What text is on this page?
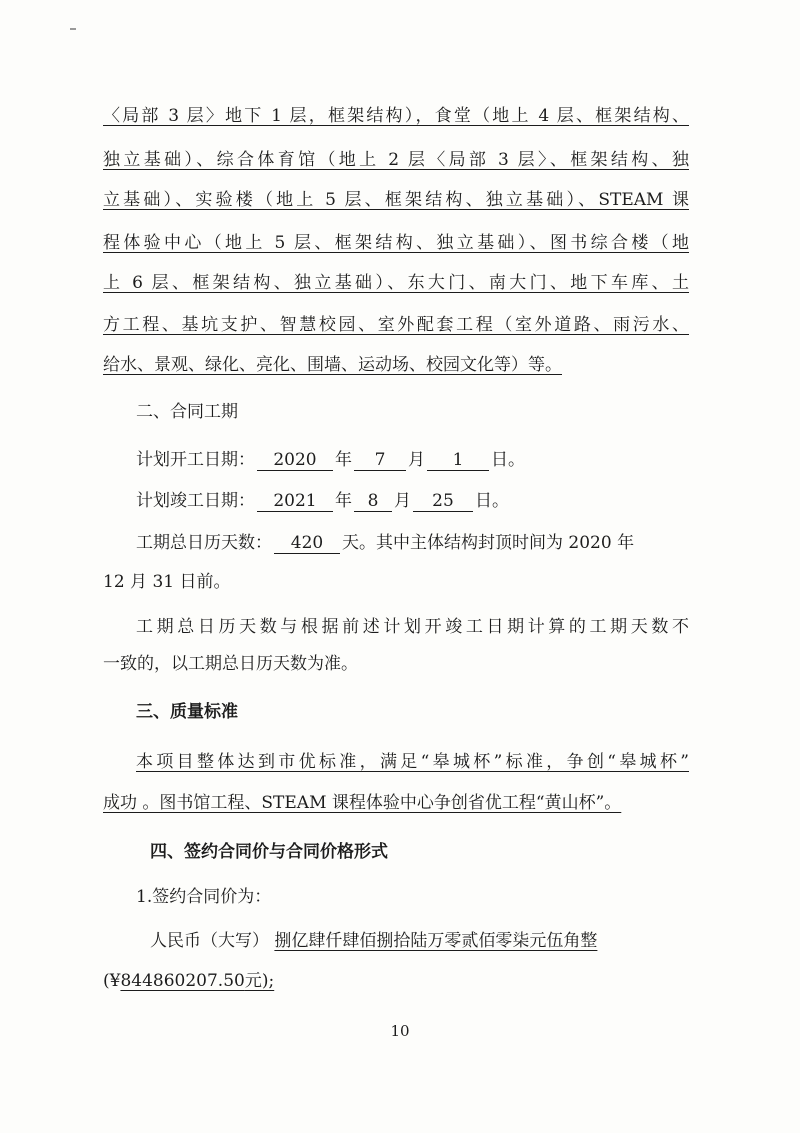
〈局部 3 层〉地下 1 层，框架结构），食堂（地上 4 层、框架结构、
独立基础）、综合体育馆（地上 2 层〈局部 3 层〉、框架结构、独
立基础）、实验楼（地上 5 层、框架结构、独立基础）、STEAM 课
程体验中心（地上 5 层、框架结构、独立基础）、图书综合楼（地
上 6 层、框架结构、独立基础）、东大门、南大门、地下车库、土
方工程、基坑支护、智慧校园、室外配套工程（室外道路、雨污水、
给水、景观、绿化、亮化、围墙、运动场、校园文化等）等。
二、合同工期
计划开工日期： 2020 年 7 月 1 日。
计划竣工日期： 2021 年 8 月 25 日。
工期总日历天数： 420 天。其中主体结构封顶时间为 2020 年
12 月 31 日前。
工期总日历天数与根据前述计划开竣工日期计算的工期天数不
一致的，以工期总日历天数为准。
三、质量标准
本项目整体达到市优标准，满足“皋城杯”标准，争创“皋城杯”
成功 。图书馆工程、STEAM 课程体验中心争创省优工程“黄山杯”。
四、签约合同价与合同价格形式
1.签约合同价为：
人民币（大写） 捌亿肆仟肆佰捌拾陆万零贰佰零柒元伍角整
(¥844860207.50元);
10
